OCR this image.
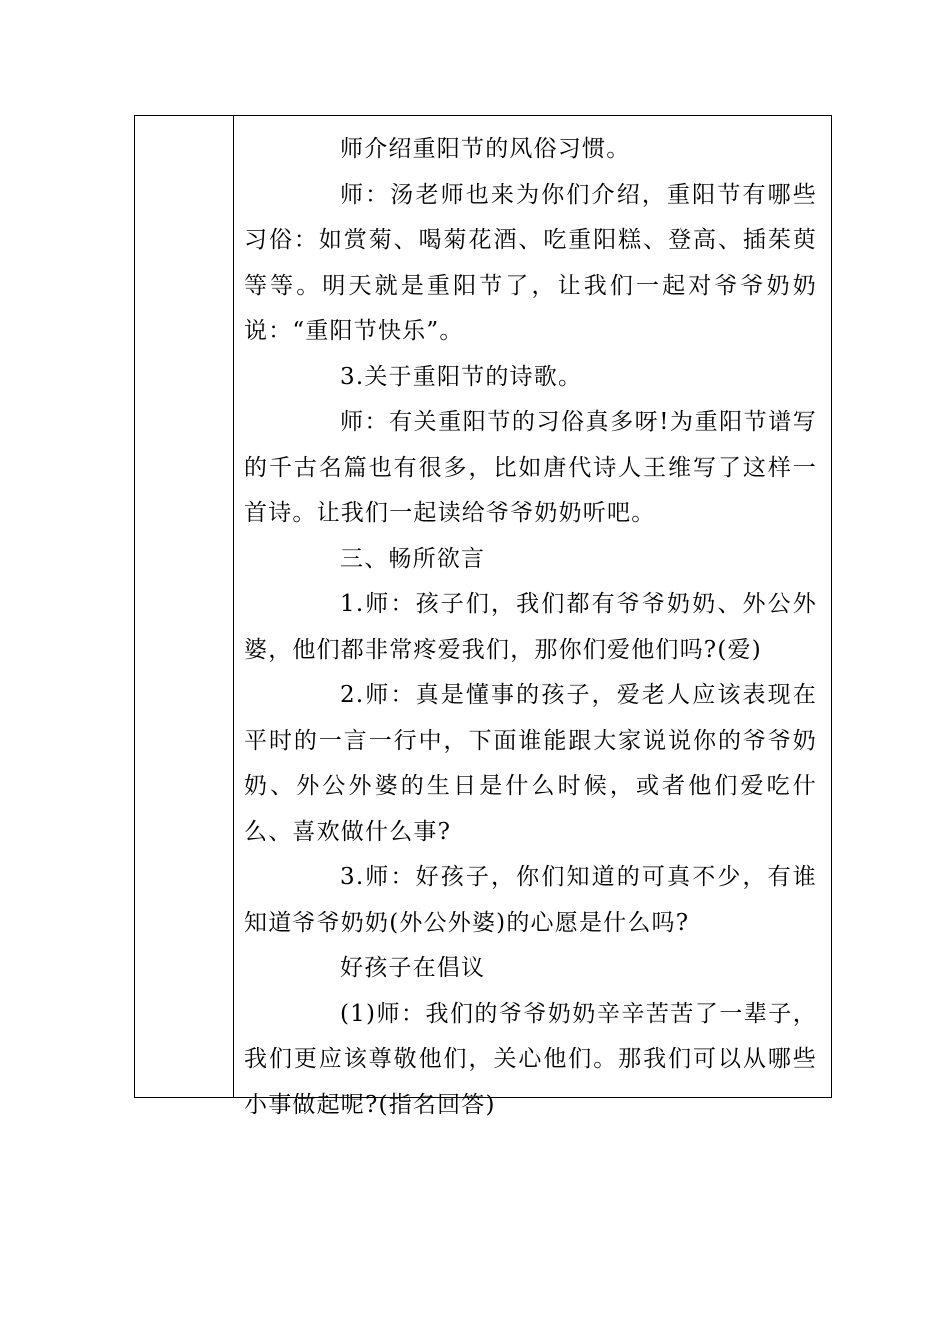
师介绍重阳节的风俗习惯。

师：汤老师也来为你们介绍，重阳节有哪些习俗：如赏菊、喝菊花酒、吃重阳糕、登高、插茱萸等等。明天就是重阳节了，让我们一起对爷爷奶奶说：“重阳节快乐”。

3.关于重阳节的诗歌。

师：有关重阳节的习俗真多呀!为重阳节谱写的千古名篇也有很多，比如唐代诗人王维写了这样一首诗。让我们一起读给爷爷奶奶听吧。

三、畅所欲言

1.师：孩子们，我们都有爷爷奶奶、外公外婆，他们都非常疼爱我们，那你们爱他们吗?(爱)

2.师：真是懂事的孩子，爱老人应该表现在平时的一言一行中，下面谁能跟大家说说你的爷爷奶奶、外公外婆的生日是什么时候，或者他们爱吃什么、喜欢做什么事?

3.师：好孩子，你们知道的可真不少，有谁知道爷爷奶奶(外公外婆)的心愿是什么吗?

好孩子在倡议

(1)师：我们的爷爷奶奶辛辛苦苦了一辈子，我们更应该尊敬他们，关心他们。那我们可以从哪些小事做起呢?(指名回答)
